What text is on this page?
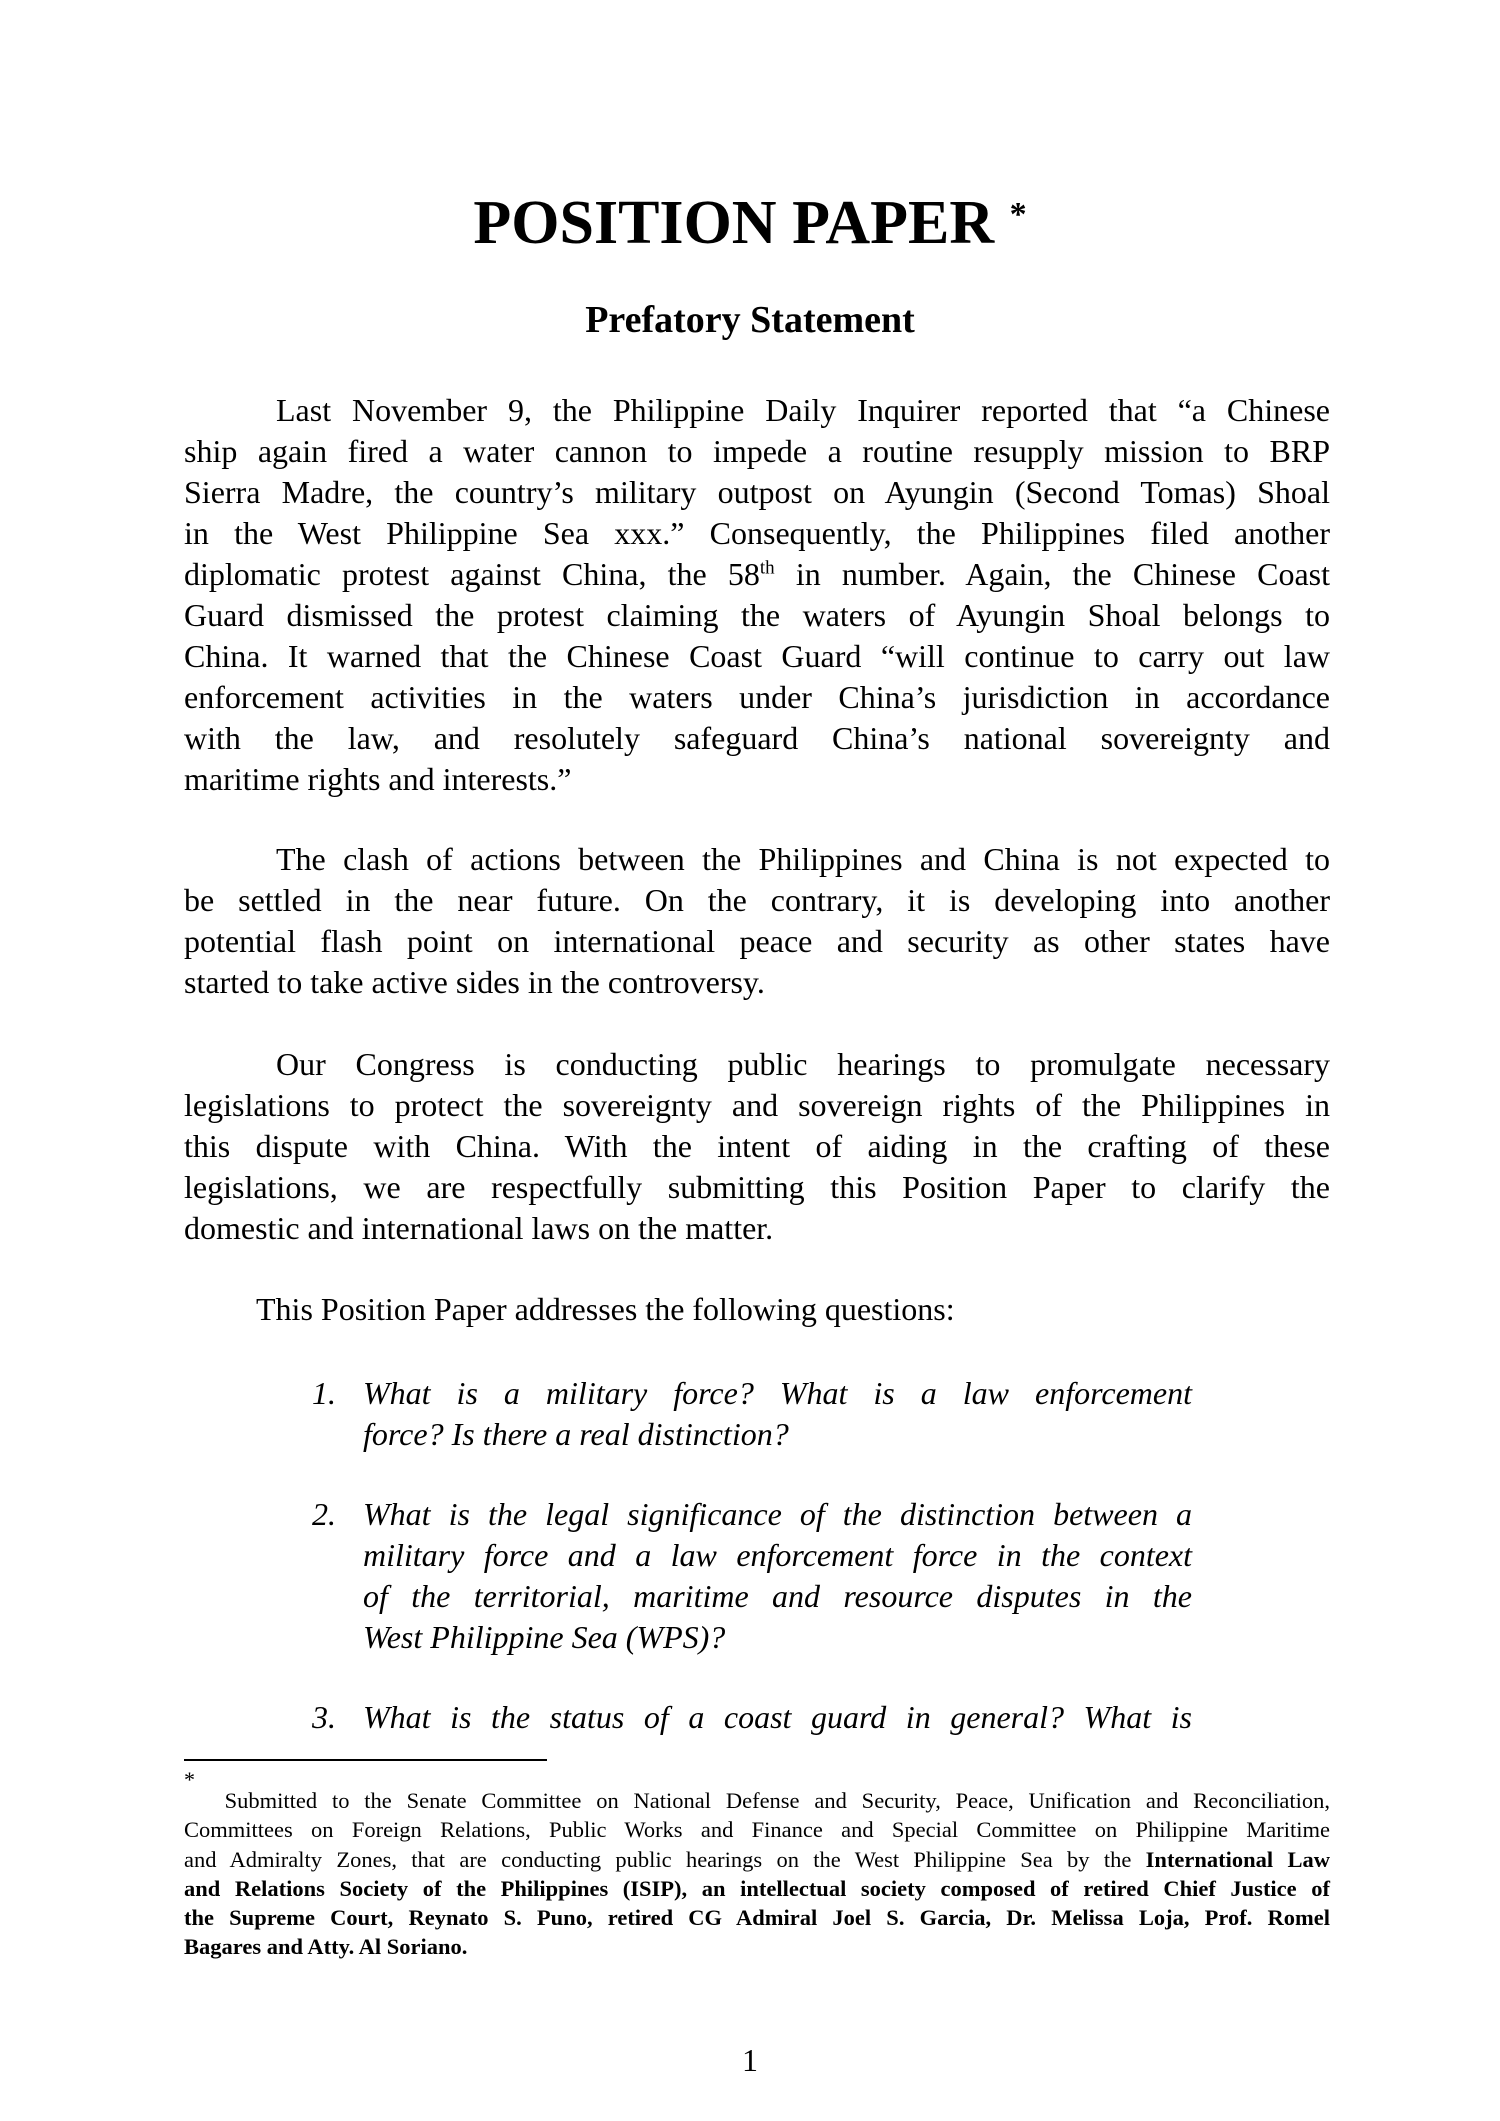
POSITION PAPER *
Prefatory Statement
Last November 9, the Philippine Daily Inquirer reported that “a Chinese
ship again fired a water cannon to impede a routine resupply mission to BRP
Sierra Madre, the country’s military outpost on Ayungin (Second Tomas) Shoal
in the West Philippine Sea xxx.” Consequently, the Philippines filed another
diplomatic protest against China, the 58th in number. Again, the Chinese Coast
Guard dismissed the protest claiming the waters of Ayungin Shoal belongs to
China. It warned that the Chinese Coast Guard “will continue to carry out law
enforcement activities in the waters under China’s jurisdiction in accordance
with the law, and resolutely safeguard China’s national sovereignty and
maritime rights and interests.”
The clash of actions between the Philippines and China is not expected to
be settled in the near future. On the contrary, it is developing into another
potential flash point on international peace and security as other states have
started to take active sides in the controversy.
Our Congress is conducting public hearings to promulgate necessary
legislations to protect the sovereignty and sovereign rights of the Philippines in
this dispute with China. With the intent of aiding in the crafting of these
legislations, we are respectfully submitting this Position Paper to clarify the
domestic and international laws on the matter.
This Position Paper addresses the following questions:
1. What is a military force? What is a law enforcement
force? Is there a real distinction?
2. What is the legal significance of the distinction between a
military force and a law enforcement force in the context
of the territorial, maritime and resource disputes in the
West Philippine Sea (WPS)?
3. What is the status of a coast guard in general? What is
*  Submitted to the Senate Committee on National Defense and Security, Peace, Unification and Reconciliation,
Committees on Foreign Relations, Public Works and Finance and Special Committee on Philippine Maritime
and Admiralty Zones, that are conducting public hearings on the West Philippine Sea by the International Law
and Relations Society of the Philippines (ISIP), an intellectual society composed of retired Chief Justice of
the Supreme Court, Reynato S. Puno, retired CG Admiral Joel S. Garcia, Dr. Melissa Loja, Prof. Romel
Bagares and Atty. Al Soriano.
1
